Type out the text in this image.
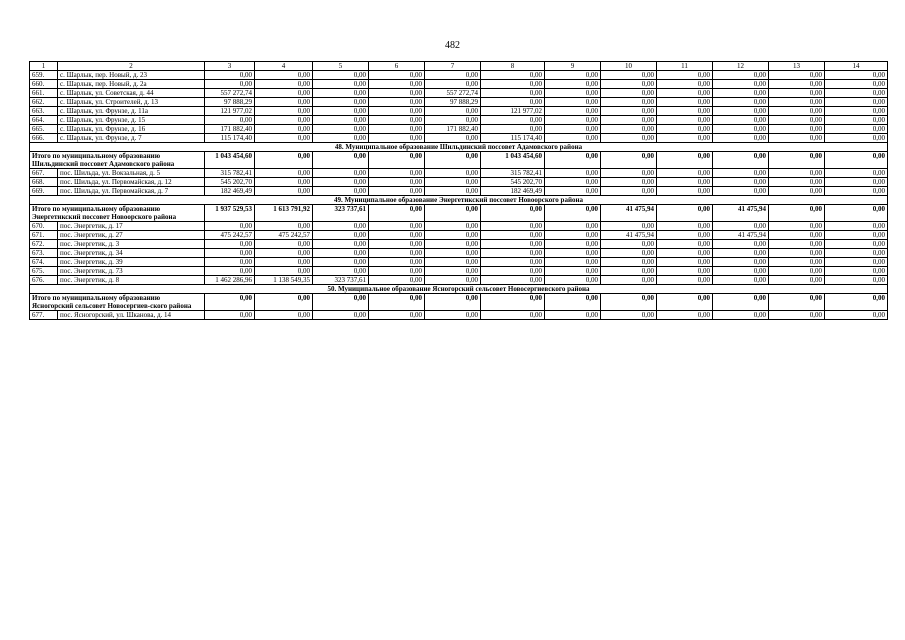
482
1	2	3	4	5	6	7	8	9	10	11	12	13	14
659.	с. Шарлык, пер. Новый, д. 23	0,00	0,00	0,00	0,00	0,00	0,00	0,00	0,00	0,00	0,00	0,00	0,00
660.	с. Шарлык, пер. Новый, д. 2а	0,00	0,00	0,00	0,00	0,00	0,00	0,00	0,00	0,00	0,00	0,00	0,00
661.	с. Шарлык, ул. Советская, д. 44	557 272,74	0,00	0,00	0,00	557 272,74	0,00	0,00	0,00	0,00	0,00	0,00	0,00
662.	с. Шарлык, ул. Строителей, д. 13	97 888,29	0,00	0,00	0,00	97 888,29	0,00	0,00	0,00	0,00	0,00	0,00	0,00
663.	с. Шарлык, ул. Фрунзе, д. 11а	121 977,02	0,00	0,00	0,00	0,00	121 977,02	0,00	0,00	0,00	0,00	0,00	0,00
664.	с. Шарлык, ул. Фрунзе, д. 15	0,00	0,00	0,00	0,00	0,00	0,00	0,00	0,00	0,00	0,00	0,00	0,00
665.	с. Шарлык, ул. Фрунзе, д. 16	171 882,40	0,00	0,00	0,00	171 882,40	0,00	0,00	0,00	0,00	0,00	0,00	0,00
666.	с. Шарлык, ул. Фрунзе, д. 7	115 174,40	0,00	0,00	0,00	0,00	115 174,40	0,00	0,00	0,00	0,00	0,00	0,00
48. Муниципальное образование Шильдинский поссовет Адамовского района													
Итого по муниципальному образованию Шильдинский поссовет Адамовского района		1 043 454,60	0,00	0,00	0,00	0,00	1 043 454,60	0,00	0,00	0,00	0,00	0,00	0,00
667.	пос. Шильда, ул. Вокзальная, д. 5	315 782,41	0,00	0,00	0,00	0,00	315 782,41	0,00	0,00	0,00	0,00	0,00	0,00
668.	пос. Шильда, ул. Первомайская, д. 12	545 202,70	0,00	0,00	0,00	0,00	545 202,70	0,00	0,00	0,00	0,00	0,00	0,00
669.	пос. Шильда, ул. Первомайская, д. 7	182 469,49	0,00	0,00	0,00	0,00	182 469,49	0,00	0,00	0,00	0,00	0,00	0,00
49. Муниципальное образование Энергетикский поссовет Новоорского района													
Итого по муниципальному образованию Энергетикский поссовет Новоорского района		1 937 529,53	1 613 791,92	323 737,61	0,00	0,00	0,00	0,00	41 475,94	0,00	41 475,94	0,00	0,00
670.	пос. Энергетик, д. 17	0,00	0,00	0,00	0,00	0,00	0,00	0,00	0,00	0,00	0,00	0,00	0,00
671.	пос. Энергетик, д. 27	475 242,57	475 242,57	0,00	0,00	0,00	0,00	0,00	41 475,94	0,00	41 475,94	0,00	0,00
672.	пос. Энергетик, д. 3	0,00	0,00	0,00	0,00	0,00	0,00	0,00	0,00	0,00	0,00	0,00	0,00
673.	пос. Энергетик, д. 34	0,00	0,00	0,00	0,00	0,00	0,00	0,00	0,00	0,00	0,00	0,00	0,00
674.	пос. Энергетик, д. 39	0,00	0,00	0,00	0,00	0,00	0,00	0,00	0,00	0,00	0,00	0,00	0,00
675.	пос. Энергетик, д. 73	0,00	0,00	0,00	0,00	0,00	0,00	0,00	0,00	0,00	0,00	0,00	0,00
676.	пос. Энергетик, д. 8	1 462 286,96	1 138 549,35	323 737,61	0,00	0,00	0,00	0,00	0,00	0,00	0,00	0,00	0,00
50. Муниципальное образование Ясногорский сельсовет Новосергиевского района													
Итого по муниципальному образованию Ясногорский сельсовет Новосергиев-ского района		0,00	0,00	0,00	0,00	0,00	0,00	0,00	0,00	0,00	0,00	0,00	0,00
677.	пос. Ясногорский, ул. Шканова, д. 14	0,00	0,00	0,00	0,00	0,00	0,00	0,00	0,00	0,00	0,00	0,00	0,00
